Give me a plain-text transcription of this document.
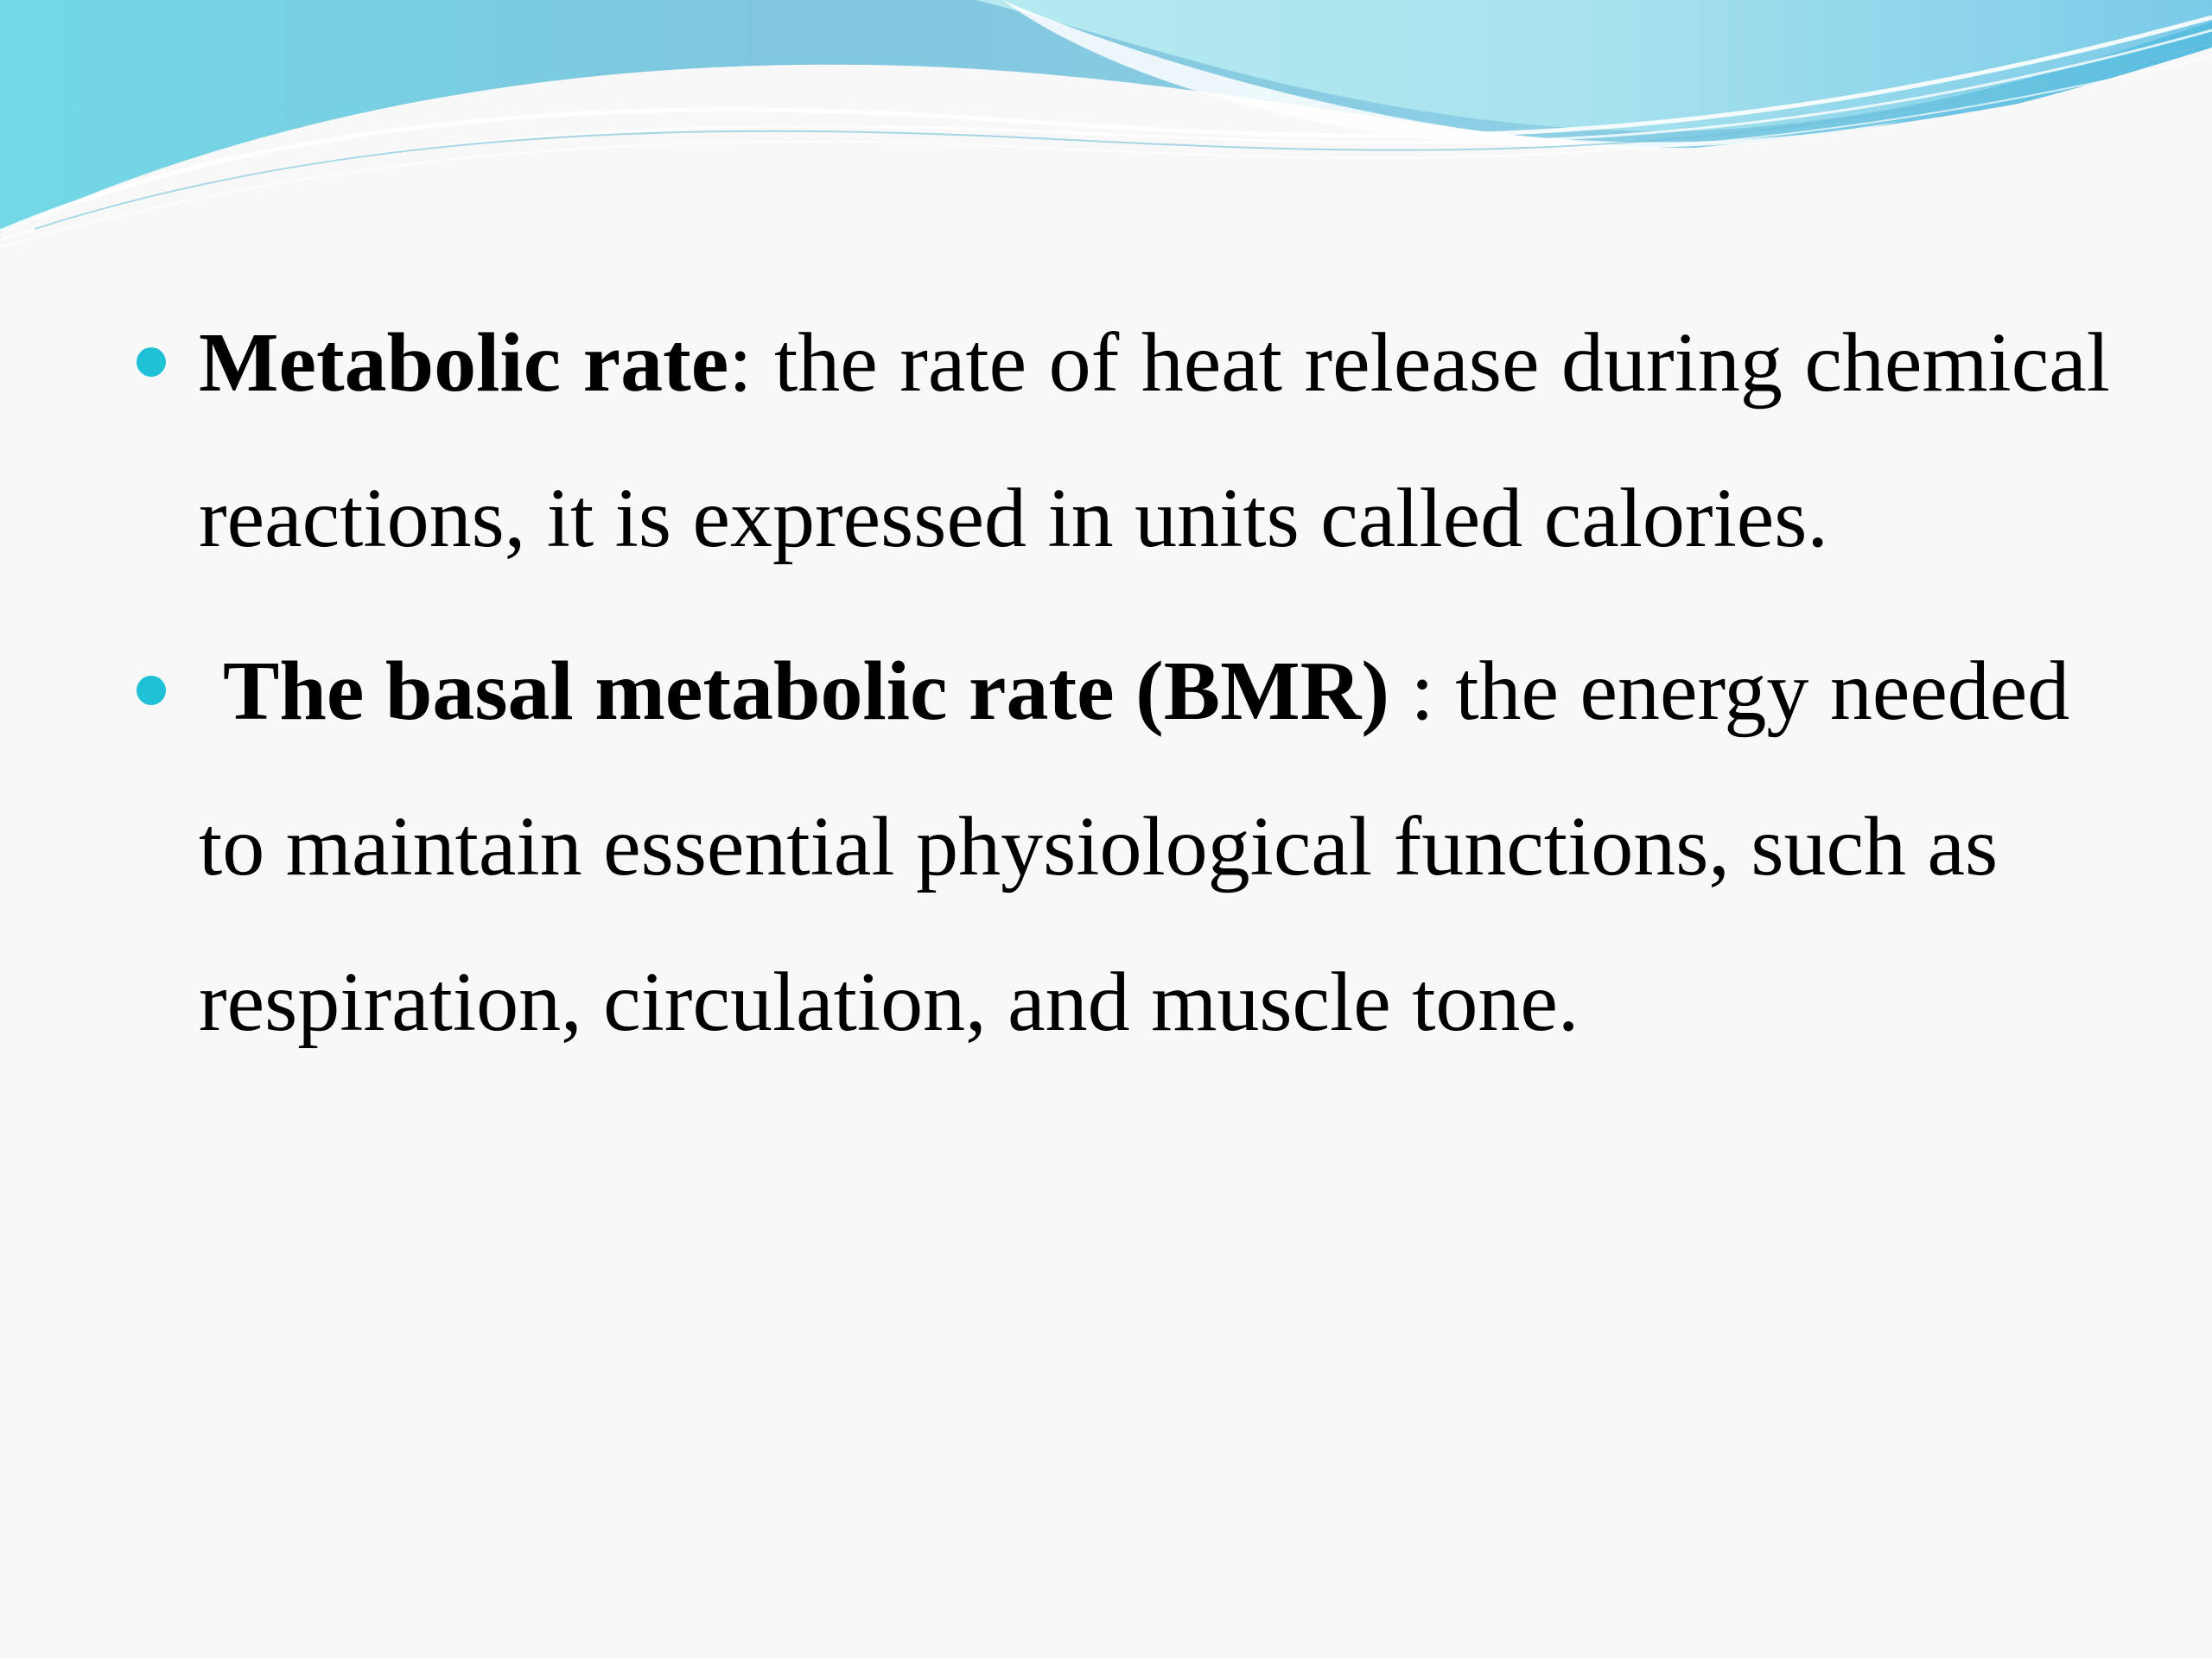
Metabolic rate: the rate of heat release during chemical reactions, it is expressed in units called calories.

The basal metabolic rate (BMR) : the energy needed to maintain essential physiological functions, such as respiration, circulation, and muscle tone.
